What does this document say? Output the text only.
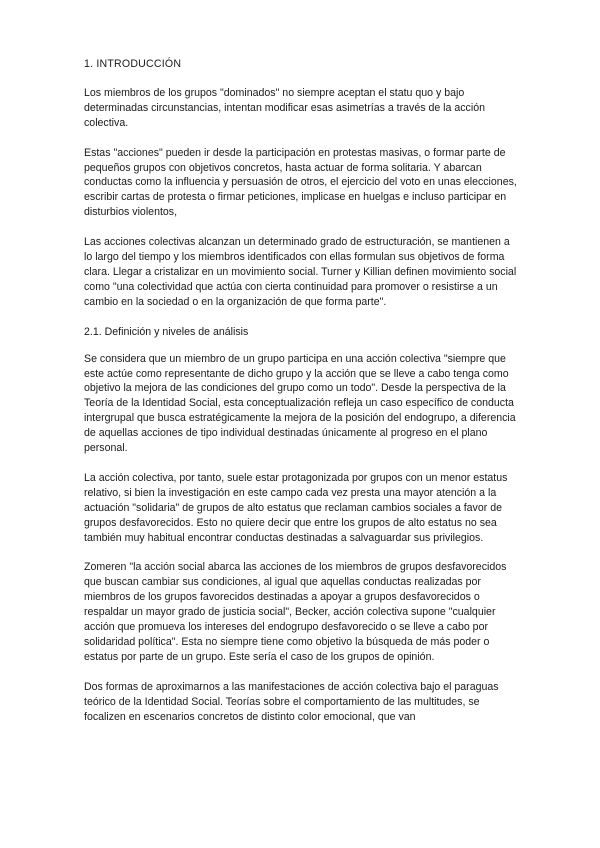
1. INTRODUCCIÓN

Los miembros de los grupos "dominados" no siempre aceptan el statu quo y bajo determinadas circunstancias, intentan modificar esas asimetrías a través de la acción colectiva.

Estas "acciones" pueden ir desde la participación en protestas masivas, o formar parte de pequeños grupos con objetivos concretos, hasta actuar de forma solitaria. Y abarcan conductas como la influencia y persuasión de otros, el ejercicio del voto en unas elecciones, escribir cartas de protesta o firmar peticiones, implicase en huelgas e incluso participar en disturbios violentos,

Las acciones colectivas alcanzan un determinado grado de estructuración, se mantienen a lo largo del tiempo y los miembros identificados con ellas formulan sus objetivos de forma clara. Llegar a cristalizar en un movimiento social. Turner y Killian definen movimiento social como "una colectividad que actúa con cierta continuidad para promover o resistirse a un cambio en la sociedad o en la organización de que forma parte".

2.1. Definición y niveles de análisis

Se considera que un miembro de un grupo participa en una acción colectiva "siempre que este actúe como representante de dicho grupo y la acción que se lleve a cabo tenga como objetivo la mejora de las condiciones del grupo como un todo". Desde la perspectiva de la Teoría de la Identidad Social, esta conceptualización refleja un caso específico de conducta intergrupal que busca estratégicamente la mejora de la posición del endogrupo, a diferencia de aquellas acciones de tipo individual destinadas únicamente al progreso en el plano personal.

La acción colectiva, por tanto, suele estar protagonizada por grupos con un menor estatus relativo, si bien la investigación en este campo cada vez presta una mayor atención a la actuación "solidaria" de grupos de alto estatus que reclaman cambios sociales a favor de grupos desfavorecidos. Esto no quiere decir que entre los grupos de alto estatus no sea también muy habitual encontrar conductas destinadas a salvaguardar sus privilegios.

Zomeren "la acción social abarca las acciones de los miembros de grupos desfavorecidos que buscan cambiar sus condiciones, al igual que aquellas conductas realizadas por miembros de los grupos favorecidos destinadas a apoyar a grupos desfavorecidos o respaldar un mayor grado de justicia social", Becker, acción colectiva supone "cualquier acción que promueva los intereses del endogrupo desfavorecido o se lleve a cabo por solidaridad política". Esta no siempre tiene como objetivo la búsqueda de más poder o estatus por parte de un grupo. Este sería el caso de los grupos de opinión.

Dos formas de aproximarnos a las manifestaciones de acción colectiva bajo el paraguas teórico de la Identidad Social. Teorías sobre el comportamiento de las multitudes, se focalizen en escenarios concretos de distinto color emocional, que van
